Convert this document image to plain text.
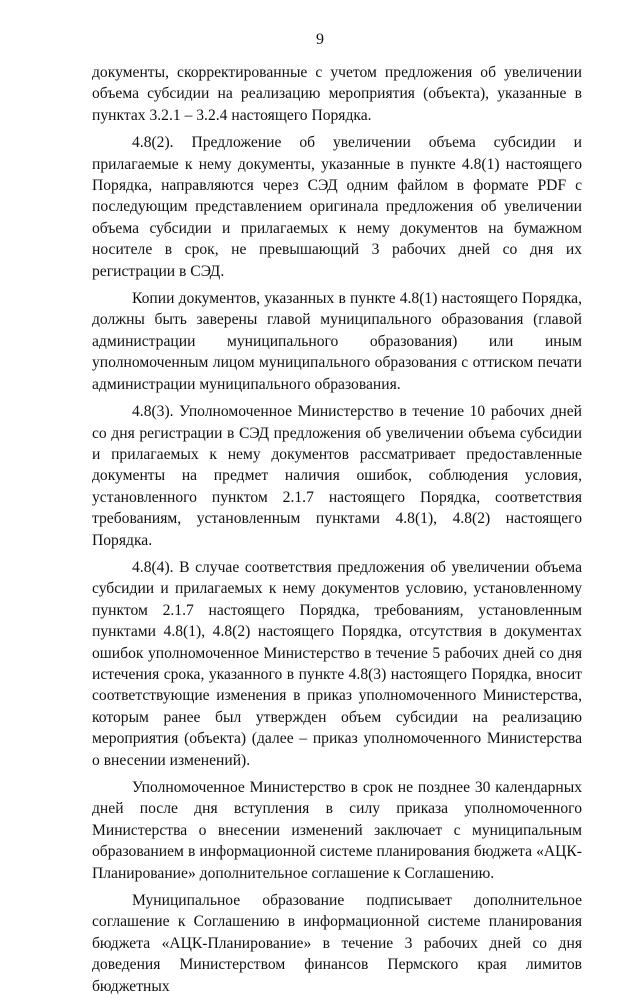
9

документы, скорректированные с учетом предложения об увеличении объема субсидии на реализацию мероприятия (объекта), указанные в пунктах 3.2.1 – 3.2.4 настоящего Порядка.

4.8(2). Предложение об увеличении объема субсидии и прилагаемые к нему документы, указанные в пункте 4.8(1) настоящего Порядка, направляются через СЭД одним файлом в формате PDF с последующим представлением оригинала предложения об увеличении объема субсидии и прилагаемых к нему документов на бумажном носителе в срок, не превышающий 3 рабочих дней со дня их регистрации в СЭД.

Копии документов, указанных в пункте 4.8(1) настоящего Порядка, должны быть заверены главой муниципального образования (главой администрации муниципального образования) или иным уполномоченным лицом муниципального образования с оттиском печати администрации муниципального образования.

4.8(3). Уполномоченное Министерство в течение 10 рабочих дней со дня регистрации в СЭД предложения об увеличении объема субсидии и прилагаемых к нему документов рассматривает предоставленные документы на предмет наличия ошибок, соблюдения условия, установленного пунктом 2.1.7 настоящего Порядка, соответствия требованиям, установленным пунктами 4.8(1), 4.8(2) настоящего Порядка.

4.8(4). В случае соответствия предложения об увеличении объема субсидии и прилагаемых к нему документов условию, установленному пунктом 2.1.7 настоящего Порядка, требованиям, установленным пунктами 4.8(1), 4.8(2) настоящего Порядка, отсутствия в документах ошибок уполномоченное Министерство в течение 5 рабочих дней со дня истечения срока, указанного в пункте 4.8(3) настоящего Порядка, вносит соответствующие изменения в приказ уполномоченного Министерства, которым ранее был утвержден объем субсидии на реализацию мероприятия (объекта) (далее – приказ уполномоченного Министерства о внесении изменений).

Уполномоченное Министерство в срок не позднее 30 календарных дней после дня вступления в силу приказа уполномоченного Министерства о внесении изменений заключает с муниципальным образованием в информационной системе планирования бюджета «АЦК-Планирование» дополнительное соглашение к Соглашению.

Муниципальное образование подписывает дополнительное соглашение к Соглашению в информационной системе планирования бюджета «АЦК-Планирование» в течение 3 рабочих дней со дня доведения Министерством финансов Пермского края лимитов бюджетных
